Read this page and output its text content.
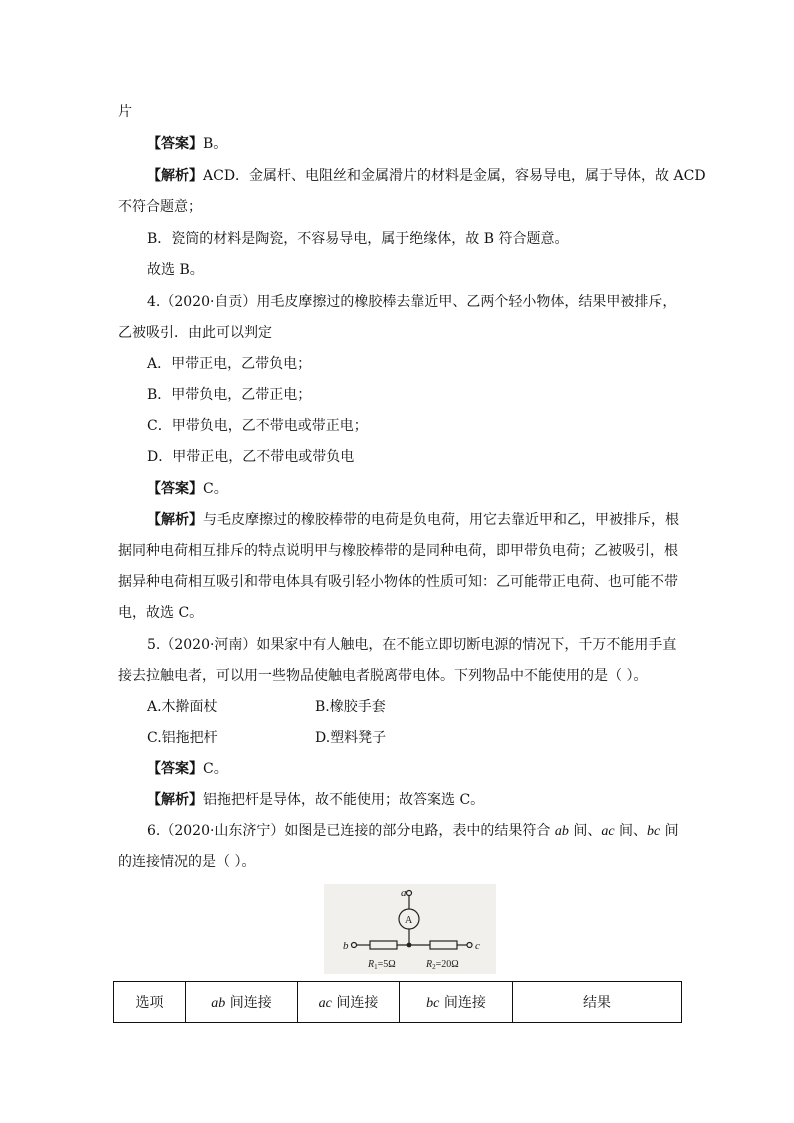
片
【答案】B。
【解析】ACD．金属杆、电阻丝和金属滑片的材料是金属，容易导电，属于导体，故 ACD
不符合题意；
B．瓷筒的材料是陶瓷，不容易导电，属于绝缘体，故 B 符合题意。
故选 B。
4.（2020·自贡）用毛皮摩擦过的橡胶棒去靠近甲、乙两个轻小物体，结果甲被排斥，
乙被吸引．由此可以判定
A．甲带正电，乙带负电；
B．甲带负电，乙带正电；
C．甲带负电，乙不带电或带正电；
D．甲带正电，乙不带电或带负电
【答案】C。
【解析】与毛皮摩擦过的橡胶棒带的电荷是负电荷，用它去靠近甲和乙，甲被排斥，根
据同种电荷相互排斥的特点说明甲与橡胶棒带的是同种电荷，即甲带负电荷；乙被吸引，根
据异种电荷相互吸引和带电体具有吸引轻小物体的性质可知：乙可能带正电荷、也可能不带
电，故选 C。
5.（2020·河南）如果家中有人触电，在不能立即切断电源的情况下，千万不能用手直
接去拉触电者，可以用一些物品使触电者脱离带电体。下列物品中不能使用的是（ ）。
A.木擀面杖	B.橡胶手套
C.铝拖把杆	D.塑料凳子
【答案】C。
【解析】铝拖把杆是导体，故不能使用；故答案选 C。
6.（2020·山东济宁）如图是已连接的部分电路，表中的结果符合 ab 间、ac 间、bc 间
的连接情况的是（ ）。
a
A
b	c
$R_1=5\Omega$	$R_2=20\Omega$
选项	ab 间连接	ac 间连接	bc 间连接	结果
